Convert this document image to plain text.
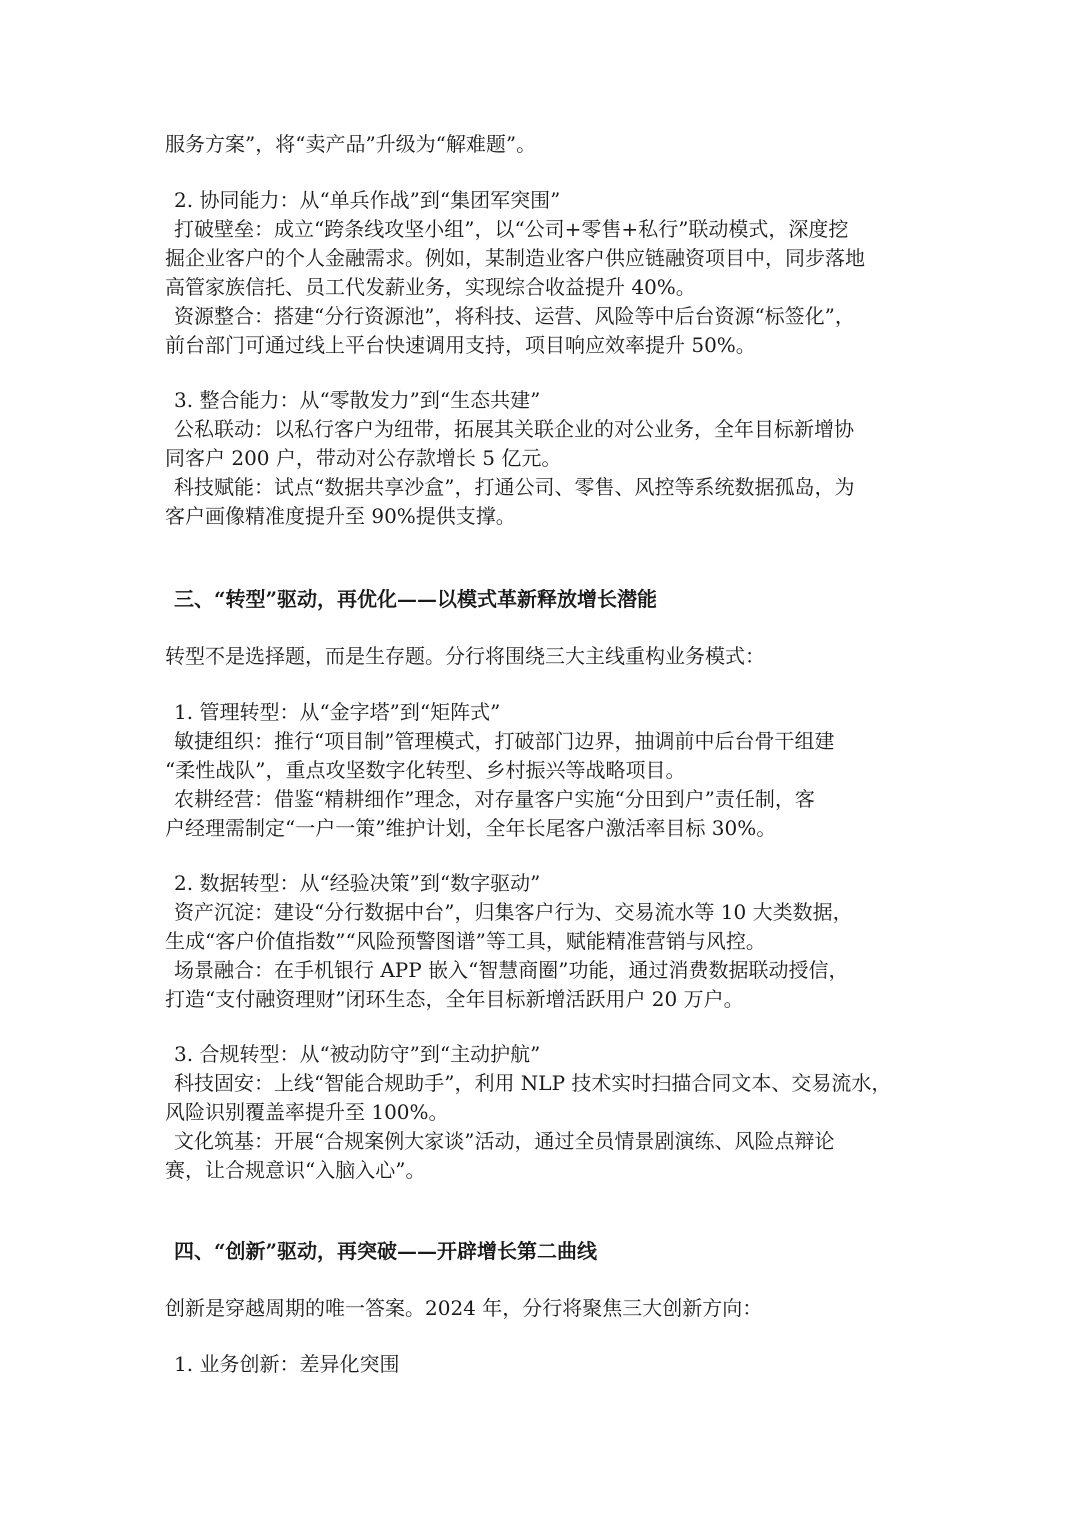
服务方案”，将“卖产品”升级为“解难题”。

2. 协同能力：从“单兵作战”到“集团军突围”

打破壁垒：成立“跨条线攻坚小组”，以“公司+零售+私行”联动模式，深度挖

掘企业客户的个人金融需求。例如，某制造业客户供应链融资项目中，同步落地

高管家族信托、员工代发薪业务，实现综合收益提升 40%。

资源整合：搭建“分行资源池”，将科技、运营、风险等中后台资源“标签化”，

前台部门可通过线上平台快速调用支持，项目响应效率提升 50%。

3. 整合能力：从“零散发力”到“生态共建”

公私联动：以私行客户为纽带，拓展其关联企业的对公业务，全年目标新增协

同客户 200 户，带动对公存款增长 5 亿元。

科技赋能：试点“数据共享沙盒”，打通公司、零售、风控等系统数据孤岛，为

客户画像精准度提升至 90%提供支撑。

三、“转型”驱动，再优化——以模式革新释放增长潜能

转型不是选择题，而是生存题。分行将围绕三大主线重构业务模式：

1. 管理转型：从“金字塔”到“矩阵式”

敏捷组织：推行“项目制”管理模式，打破部门边界，抽调前中后台骨干组建

“柔性战队”，重点攻坚数字化转型、乡村振兴等战略项目。

农耕经营：借鉴“精耕细作”理念，对存量客户实施“分田到户”责任制，客

户经理需制定“一户一策”维护计划，全年长尾客户激活率目标 30%。

2. 数据转型：从“经验决策”到“数字驱动”

资产沉淀：建设“分行数据中台”，归集客户行为、交易流水等 10 大类数据，

生成“客户价值指数”“风险预警图谱”等工具，赋能精准营销与风控。

场景融合：在手机银行 APP 嵌入“智慧商圈”功能，通过消费数据联动授信，

打造“支付融资理财”闭环生态，全年目标新增活跃用户 20 万户。

3. 合规转型：从“被动防守”到“主动护航”

科技固安：上线“智能合规助手”，利用 NLP 技术实时扫描合同文本、交易流水，

风险识别覆盖率提升至 100%。

文化筑基：开展“合规案例大家谈”活动，通过全员情景剧演练、风险点辩论

赛，让合规意识“入脑入心”。

四、“创新”驱动，再突破——开辟增长第二曲线

创新是穿越周期的唯一答案。2024 年，分行将聚焦三大创新方向：

1. 业务创新：差异化突围
